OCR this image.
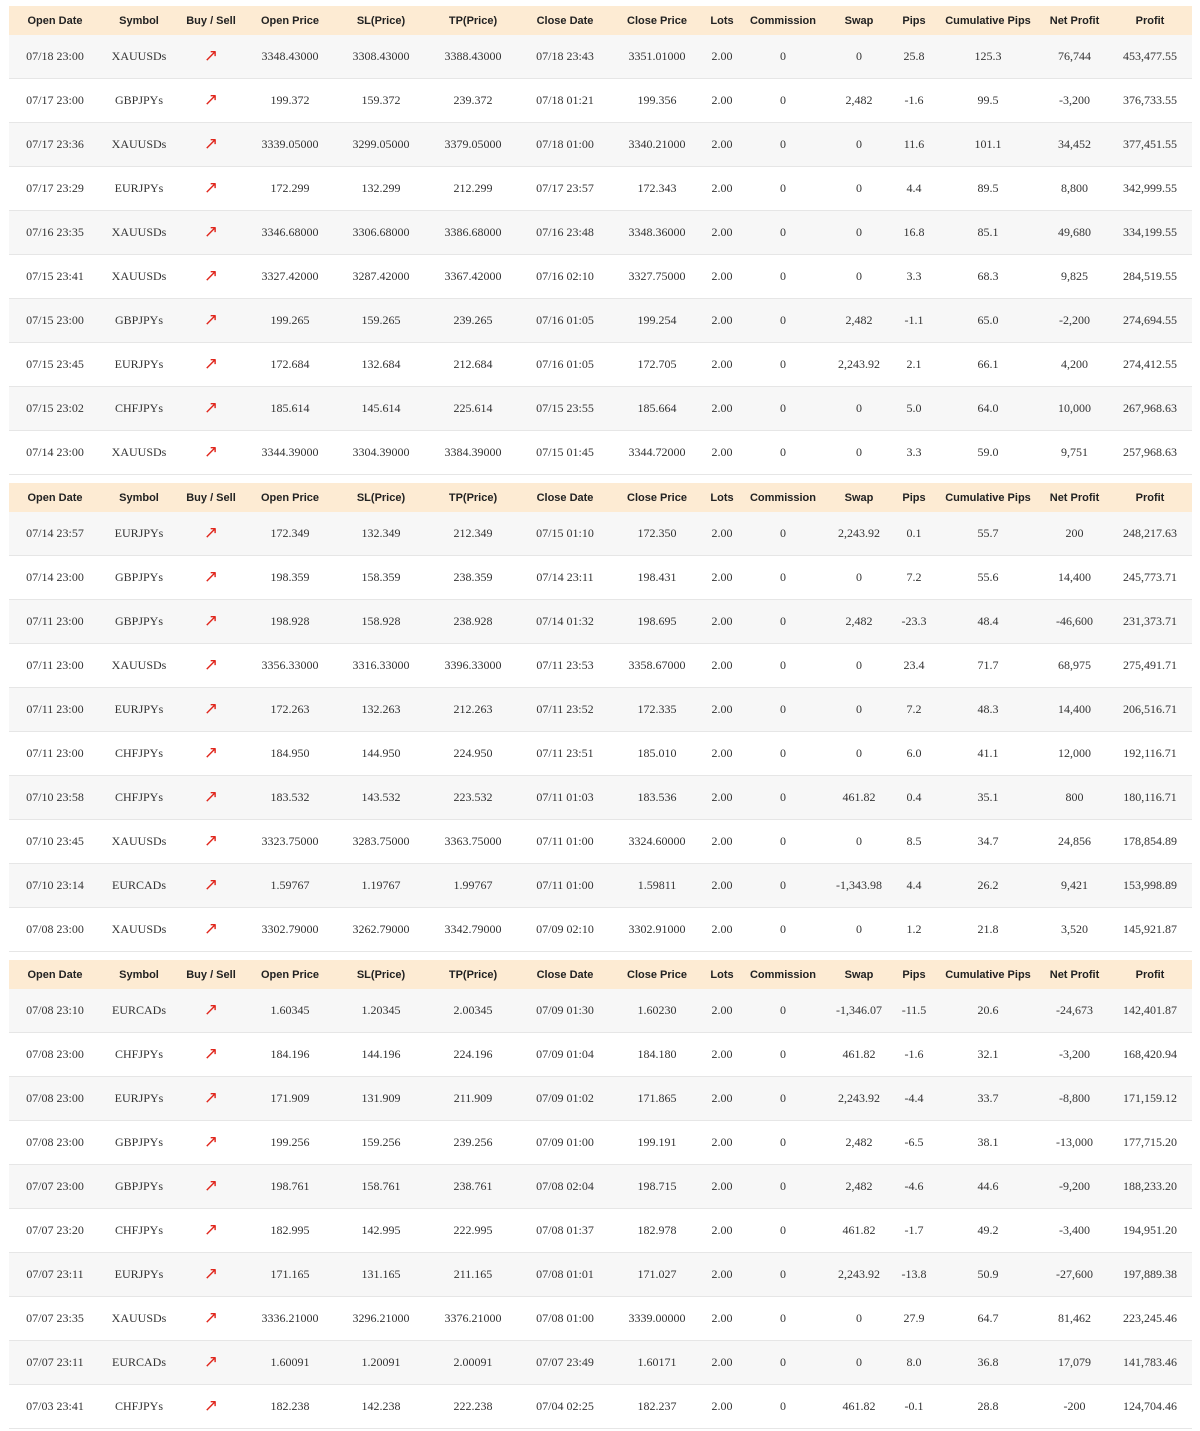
Open Date	Symbol	Buy / Sell	Open Price	SL(Price)	TP(Price)	Close Date	Close Price	Lots	Commission	Swap	Pips	Cumulative Pips	Net Profit	Profit
07/18 23:00	XAUUSDs	↗	3348.43000	3308.43000	3388.43000	07/18 23:43	3351.01000	2.00	0	0	25.8	125.3	76,744	453,477.55
07/17 23:00	GBPJPYs	↗	199.372	159.372	239.372	07/18 01:21	199.356	2.00	0	2,482	-1.6	99.5	-3,200	376,733.55
07/17 23:36	XAUUSDs	↗	3339.05000	3299.05000	3379.05000	07/18 01:00	3340.21000	2.00	0	0	11.6	101.1	34,452	377,451.55
07/17 23:29	EURJPYs	↗	172.299	132.299	212.299	07/17 23:57	172.343	2.00	0	0	4.4	89.5	8,800	342,999.55
07/16 23:35	XAUUSDs	↗	3346.68000	3306.68000	3386.68000	07/16 23:48	3348.36000	2.00	0	0	16.8	85.1	49,680	334,199.55
07/15 23:41	XAUUSDs	↗	3327.42000	3287.42000	3367.42000	07/16 02:10	3327.75000	2.00	0	0	3.3	68.3	9,825	284,519.55
07/15 23:00	GBPJPYs	↗	199.265	159.265	239.265	07/16 01:05	199.254	2.00	0	2,482	-1.1	65.0	-2,200	274,694.55
07/15 23:45	EURJPYs	↗	172.684	132.684	212.684	07/16 01:05	172.705	2.00	0	2,243.92	2.1	66.1	4,200	274,412.55
07/15 23:02	CHFJPYs	↗	185.614	145.614	225.614	07/15 23:55	185.664	2.00	0	0	5.0	64.0	10,000	267,968.63
07/14 23:00	XAUUSDs	↗	3344.39000	3304.39000	3384.39000	07/15 01:45	3344.72000	2.00	0	0	3.3	59.0	9,751	257,968.63
Open Date	Symbol	Buy / Sell	Open Price	SL(Price)	TP(Price)	Close Date	Close Price	Lots	Commission	Swap	Pips	Cumulative Pips	Net Profit	Profit
07/14 23:57	EURJPYs	↗	172.349	132.349	212.349	07/15 01:10	172.350	2.00	0	2,243.92	0.1	55.7	200	248,217.63
07/14 23:00	GBPJPYs	↗	198.359	158.359	238.359	07/14 23:11	198.431	2.00	0	0	7.2	55.6	14,400	245,773.71
07/11 23:00	GBPJPYs	↗	198.928	158.928	238.928	07/14 01:32	198.695	2.00	0	2,482	-23.3	48.4	-46,600	231,373.71
07/11 23:00	XAUUSDs	↗	3356.33000	3316.33000	3396.33000	07/11 23:53	3358.67000	2.00	0	0	23.4	71.7	68,975	275,491.71
07/11 23:00	EURJPYs	↗	172.263	132.263	212.263	07/11 23:52	172.335	2.00	0	0	7.2	48.3	14,400	206,516.71
07/11 23:00	CHFJPYs	↗	184.950	144.950	224.950	07/11 23:51	185.010	2.00	0	0	6.0	41.1	12,000	192,116.71
07/10 23:58	CHFJPYs	↗	183.532	143.532	223.532	07/11 01:03	183.536	2.00	0	461.82	0.4	35.1	800	180,116.71
07/10 23:45	XAUUSDs	↗	3323.75000	3283.75000	3363.75000	07/11 01:00	3324.60000	2.00	0	0	8.5	34.7	24,856	178,854.89
07/10 23:14	EURCADs	↗	1.59767	1.19767	1.99767	07/11 01:00	1.59811	2.00	0	-1,343.98	4.4	26.2	9,421	153,998.89
07/08 23:00	XAUUSDs	↗	3302.79000	3262.79000	3342.79000	07/09 02:10	3302.91000	2.00	0	0	1.2	21.8	3,520	145,921.87
Open Date	Symbol	Buy / Sell	Open Price	SL(Price)	TP(Price)	Close Date	Close Price	Lots	Commission	Swap	Pips	Cumulative Pips	Net Profit	Profit
07/08 23:10	EURCADs	↗	1.60345	1.20345	2.00345	07/09 01:30	1.60230	2.00	0	-1,346.07	-11.5	20.6	-24,673	142,401.87
07/08 23:00	CHFJPYs	↗	184.196	144.196	224.196	07/09 01:04	184.180	2.00	0	461.82	-1.6	32.1	-3,200	168,420.94
07/08 23:00	EURJPYs	↗	171.909	131.909	211.909	07/09 01:02	171.865	2.00	0	2,243.92	-4.4	33.7	-8,800	171,159.12
07/08 23:00	GBPJPYs	↗	199.256	159.256	239.256	07/09 01:00	199.191	2.00	0	2,482	-6.5	38.1	-13,000	177,715.20
07/07 23:00	GBPJPYs	↗	198.761	158.761	238.761	07/08 02:04	198.715	2.00	0	2,482	-4.6	44.6	-9,200	188,233.20
07/07 23:20	CHFJPYs	↗	182.995	142.995	222.995	07/08 01:37	182.978	2.00	0	461.82	-1.7	49.2	-3,400	194,951.20
07/07 23:11	EURJPYs	↗	171.165	131.165	211.165	07/08 01:01	171.027	2.00	0	2,243.92	-13.8	50.9	-27,600	197,889.38
07/07 23:35	XAUUSDs	↗	3336.21000	3296.21000	3376.21000	07/08 01:00	3339.00000	2.00	0	0	27.9	64.7	81,462	223,245.46
07/07 23:11	EURCADs	↗	1.60091	1.20091	2.00091	07/07 23:49	1.60171	2.00	0	0	8.0	36.8	17,079	141,783.46
07/03 23:41	CHFJPYs	↗	182.238	142.238	222.238	07/04 02:25	182.237	2.00	0	461.82	-0.1	28.8	-200	124,704.46
